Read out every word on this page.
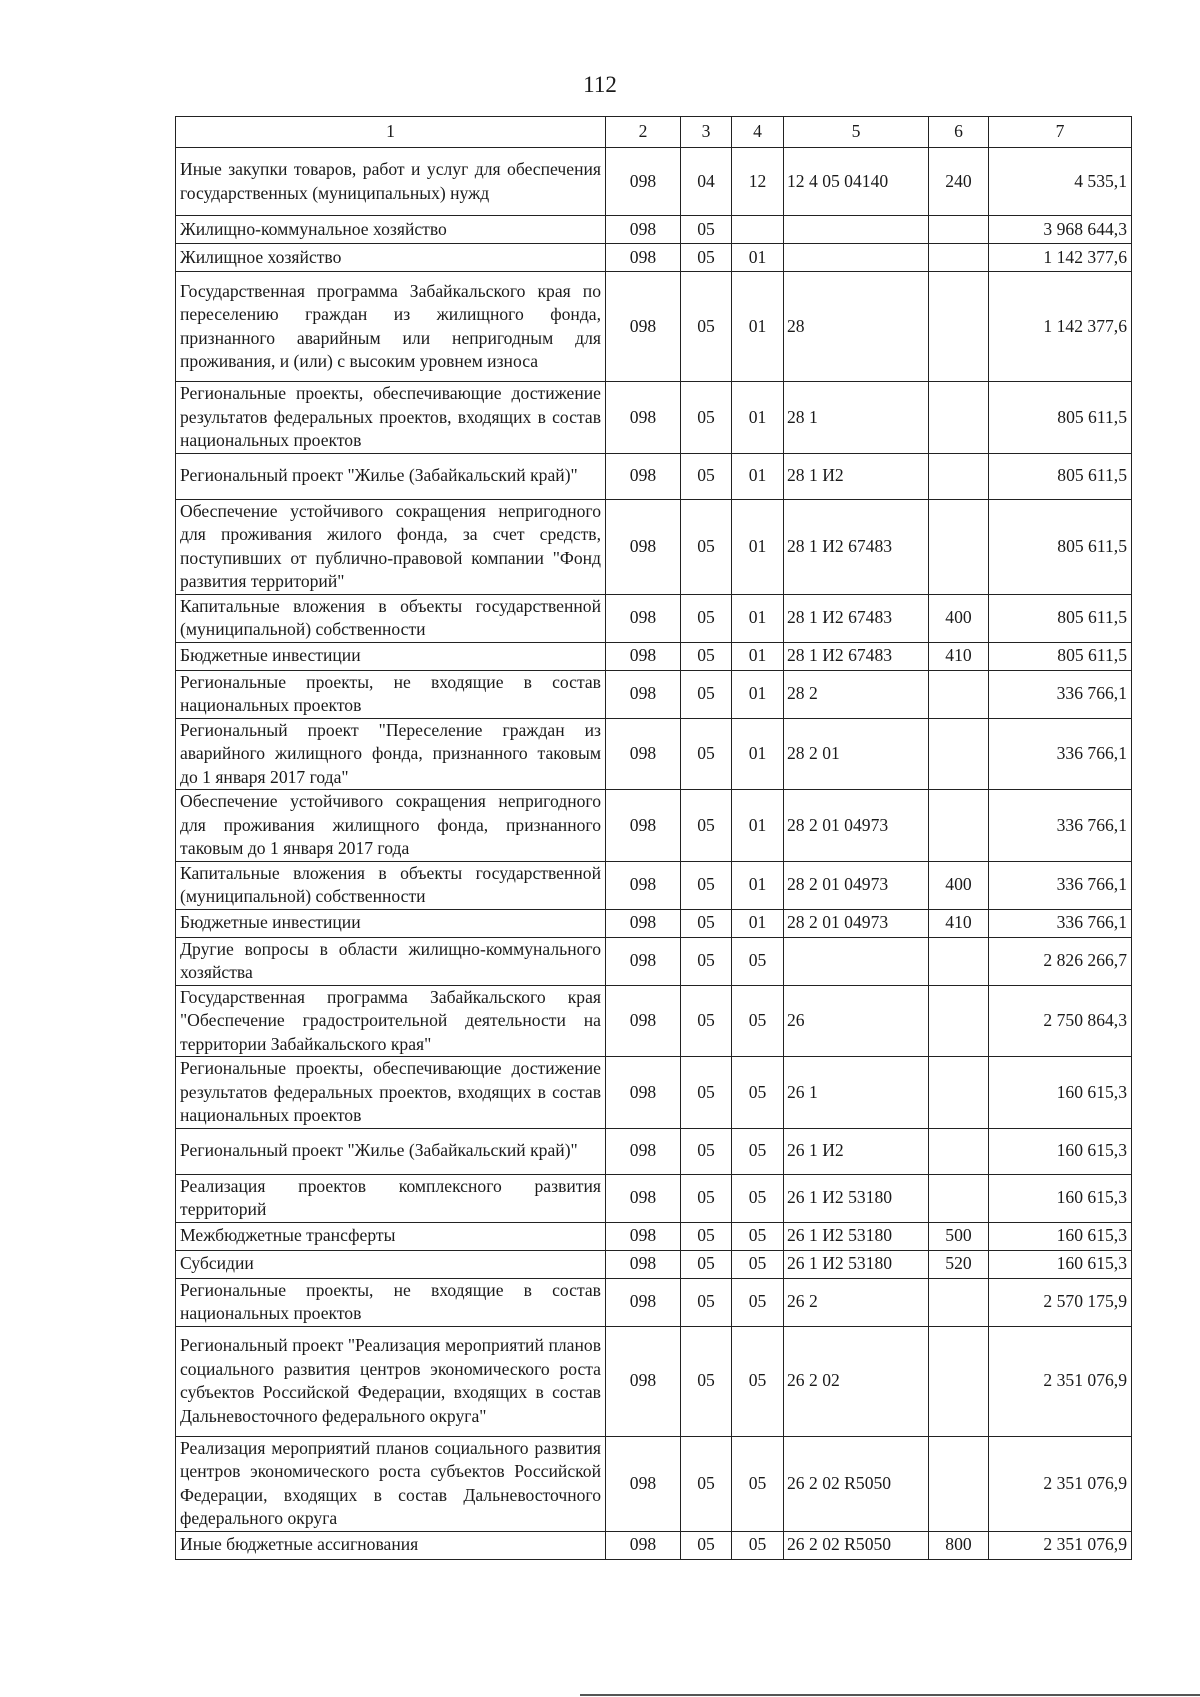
112
1	2	3	4	5	6	7
Иные закупки товаров, работ и услуг для обеспечения государственных (муниципальных) нужд	098	04	12	12 4 05 04140	240	4 535,1
Жилищно-коммунальное хозяйство	098	05				3 968 644,3
Жилищное хозяйство	098	05	01			1 142 377,6
Государственная программа Забайкальского края по переселению граждан из жилищного фонда, признанного аварийным или непригодным для проживания, и (или) с высоким уровнем износа	098	05	01	28		1 142 377,6
Региональные проекты, обеспечивающие достижение результатов федеральных проектов, входящих в состав национальных проектов	098	05	01	28 1		805 611,5
Региональный проект "Жилье (Забайкальский край)"	098	05	01	28 1 И2		805 611,5
Обеспечение устойчивого сокращения непригодного для проживания жилого фонда, за счет средств, поступивших от публично-правовой компании "Фонд развития территорий"	098	05	01	28 1 И2 67483		805 611,5
Капитальные вложения в объекты государственной (муниципальной) собственности	098	05	01	28 1 И2 67483	400	805 611,5
Бюджетные инвестиции	098	05	01	28 1 И2 67483	410	805 611,5
Региональные проекты, не входящие в состав национальных проектов	098	05	01	28 2		336 766,1
Региональный проект "Переселение граждан из аварийного жилищного фонда, признанного таковым до 1 января 2017 года"	098	05	01	28 2 01		336 766,1
Обеспечение устойчивого сокращения непригодного для проживания жилищного фонда, признанного таковым до 1 января 2017 года	098	05	01	28 2 01 04973		336 766,1
Капитальные вложения в объекты государственной (муниципальной) собственности	098	05	01	28 2 01 04973	400	336 766,1
Бюджетные инвестиции	098	05	01	28 2 01 04973	410	336 766,1
Другие вопросы в области жилищно-коммунального хозяйства	098	05	05			2 826 266,7
Государственная программа Забайкальского края "Обеспечение градостроительной деятельности на территории Забайкальского края"	098	05	05	26		2 750 864,3
Региональные проекты, обеспечивающие достижение результатов федеральных проектов, входящих в состав национальных проектов	098	05	05	26 1		160 615,3
Региональный проект "Жилье (Забайкальский край)"	098	05	05	26 1 И2		160 615,3
Реализация проектов комплексного развития территорий	098	05	05	26 1 И2 53180		160 615,3
Межбюджетные трансферты	098	05	05	26 1 И2 53180	500	160 615,3
Субсидии	098	05	05	26 1 И2 53180	520	160 615,3
Региональные проекты, не входящие в состав национальных проектов	098	05	05	26 2		2 570 175,9
Региональный проект "Реализация мероприятий планов социального развития центров экономического роста субъектов Российской Федерации, входящих в состав Дальневосточного федерального округа"	098	05	05	26 2 02		2 351 076,9
Реализация мероприятий планов социального развития центров экономического роста субъектов Российской Федерации, входящих в состав Дальневосточного федерального округа	098	05	05	26 2 02 R5050		2 351 076,9
Иные бюджетные ассигнования	098	05	05	26 2 02 R5050	800	2 351 076,9
